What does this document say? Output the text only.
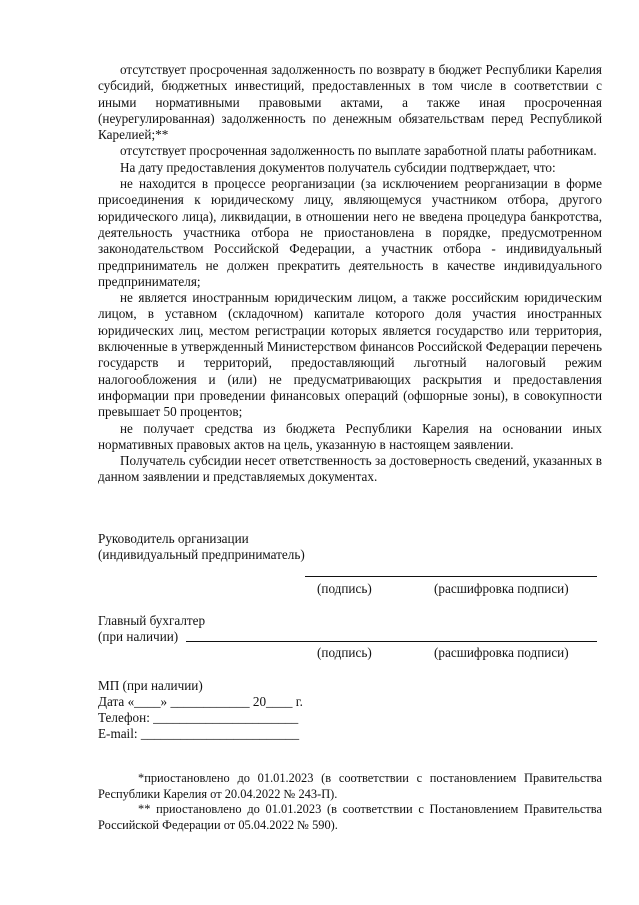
отсутствует просроченная задолженность по возврату в бюджет Республики Карелия субсидий, бюджетных инвестиций, предоставленных в том числе в соответствии с иными нормативными правовыми актами, а также иная просроченная (неурегулированная) задолженность по денежным обязательствам перед Республикой Карелией;**

отсутствует просроченная задолженность по выплате заработной платы работникам.

На дату предоставления документов получатель субсидии подтверждает, что:

не находится в процессе реорганизации (за исключением реорганизации в форме присоединения к юридическому лицу, являющемуся участником отбора, другого юридического лица), ликвидации, в отношении него не введена процедура банкротства, деятельность участника отбора не приостановлена в порядке, предусмотренном законодательством Российской Федерации, а участник отбора - индивидуальный предприниматель не должен прекратить деятельность в качестве индивидуального предпринимателя;

не является иностранным юридическим лицом, а также российским юридическим лицом, в уставном (складочном) капитале которого доля участия иностранных юридических лиц, местом регистрации которых является государство или территория, включенные в утвержденный Министерством финансов Российской Федерации перечень государств и территорий, предоставляющий льготный налоговый режим налогообложения и (или) не предусматривающих раскрытия и предоставления информации при проведении финансовых операций (офшорные зоны), в совокупности превышает 50 процентов;

не получает средства из бюджета Республики Карелия на основании иных нормативных правовых актов на цель, указанную в настоящем заявлении.

Получатель субсидии несет ответственность за достоверность сведений, указанных в данном заявлении и представляемых документах.

Руководитель организации
(индивидуальный предприниматель)
(подпись)	(расшифровка подписи)
Главный бухгалтер
(при наличии)
(подпись)	(расшифровка подписи)
МП (при наличии)
Дата «____» ____________ 20____ г.
Телефон: ______________________
E-mail: ________________________

*приостановлено до 01.01.2023 (в соответствии с постановлением Правительства Республики Карелия от 20.04.2022 № 243-П).

** приостановлено до 01.01.2023 (в соответствии с Постановлением Правительства Российской Федерации от 05.04.2022 № 590).
